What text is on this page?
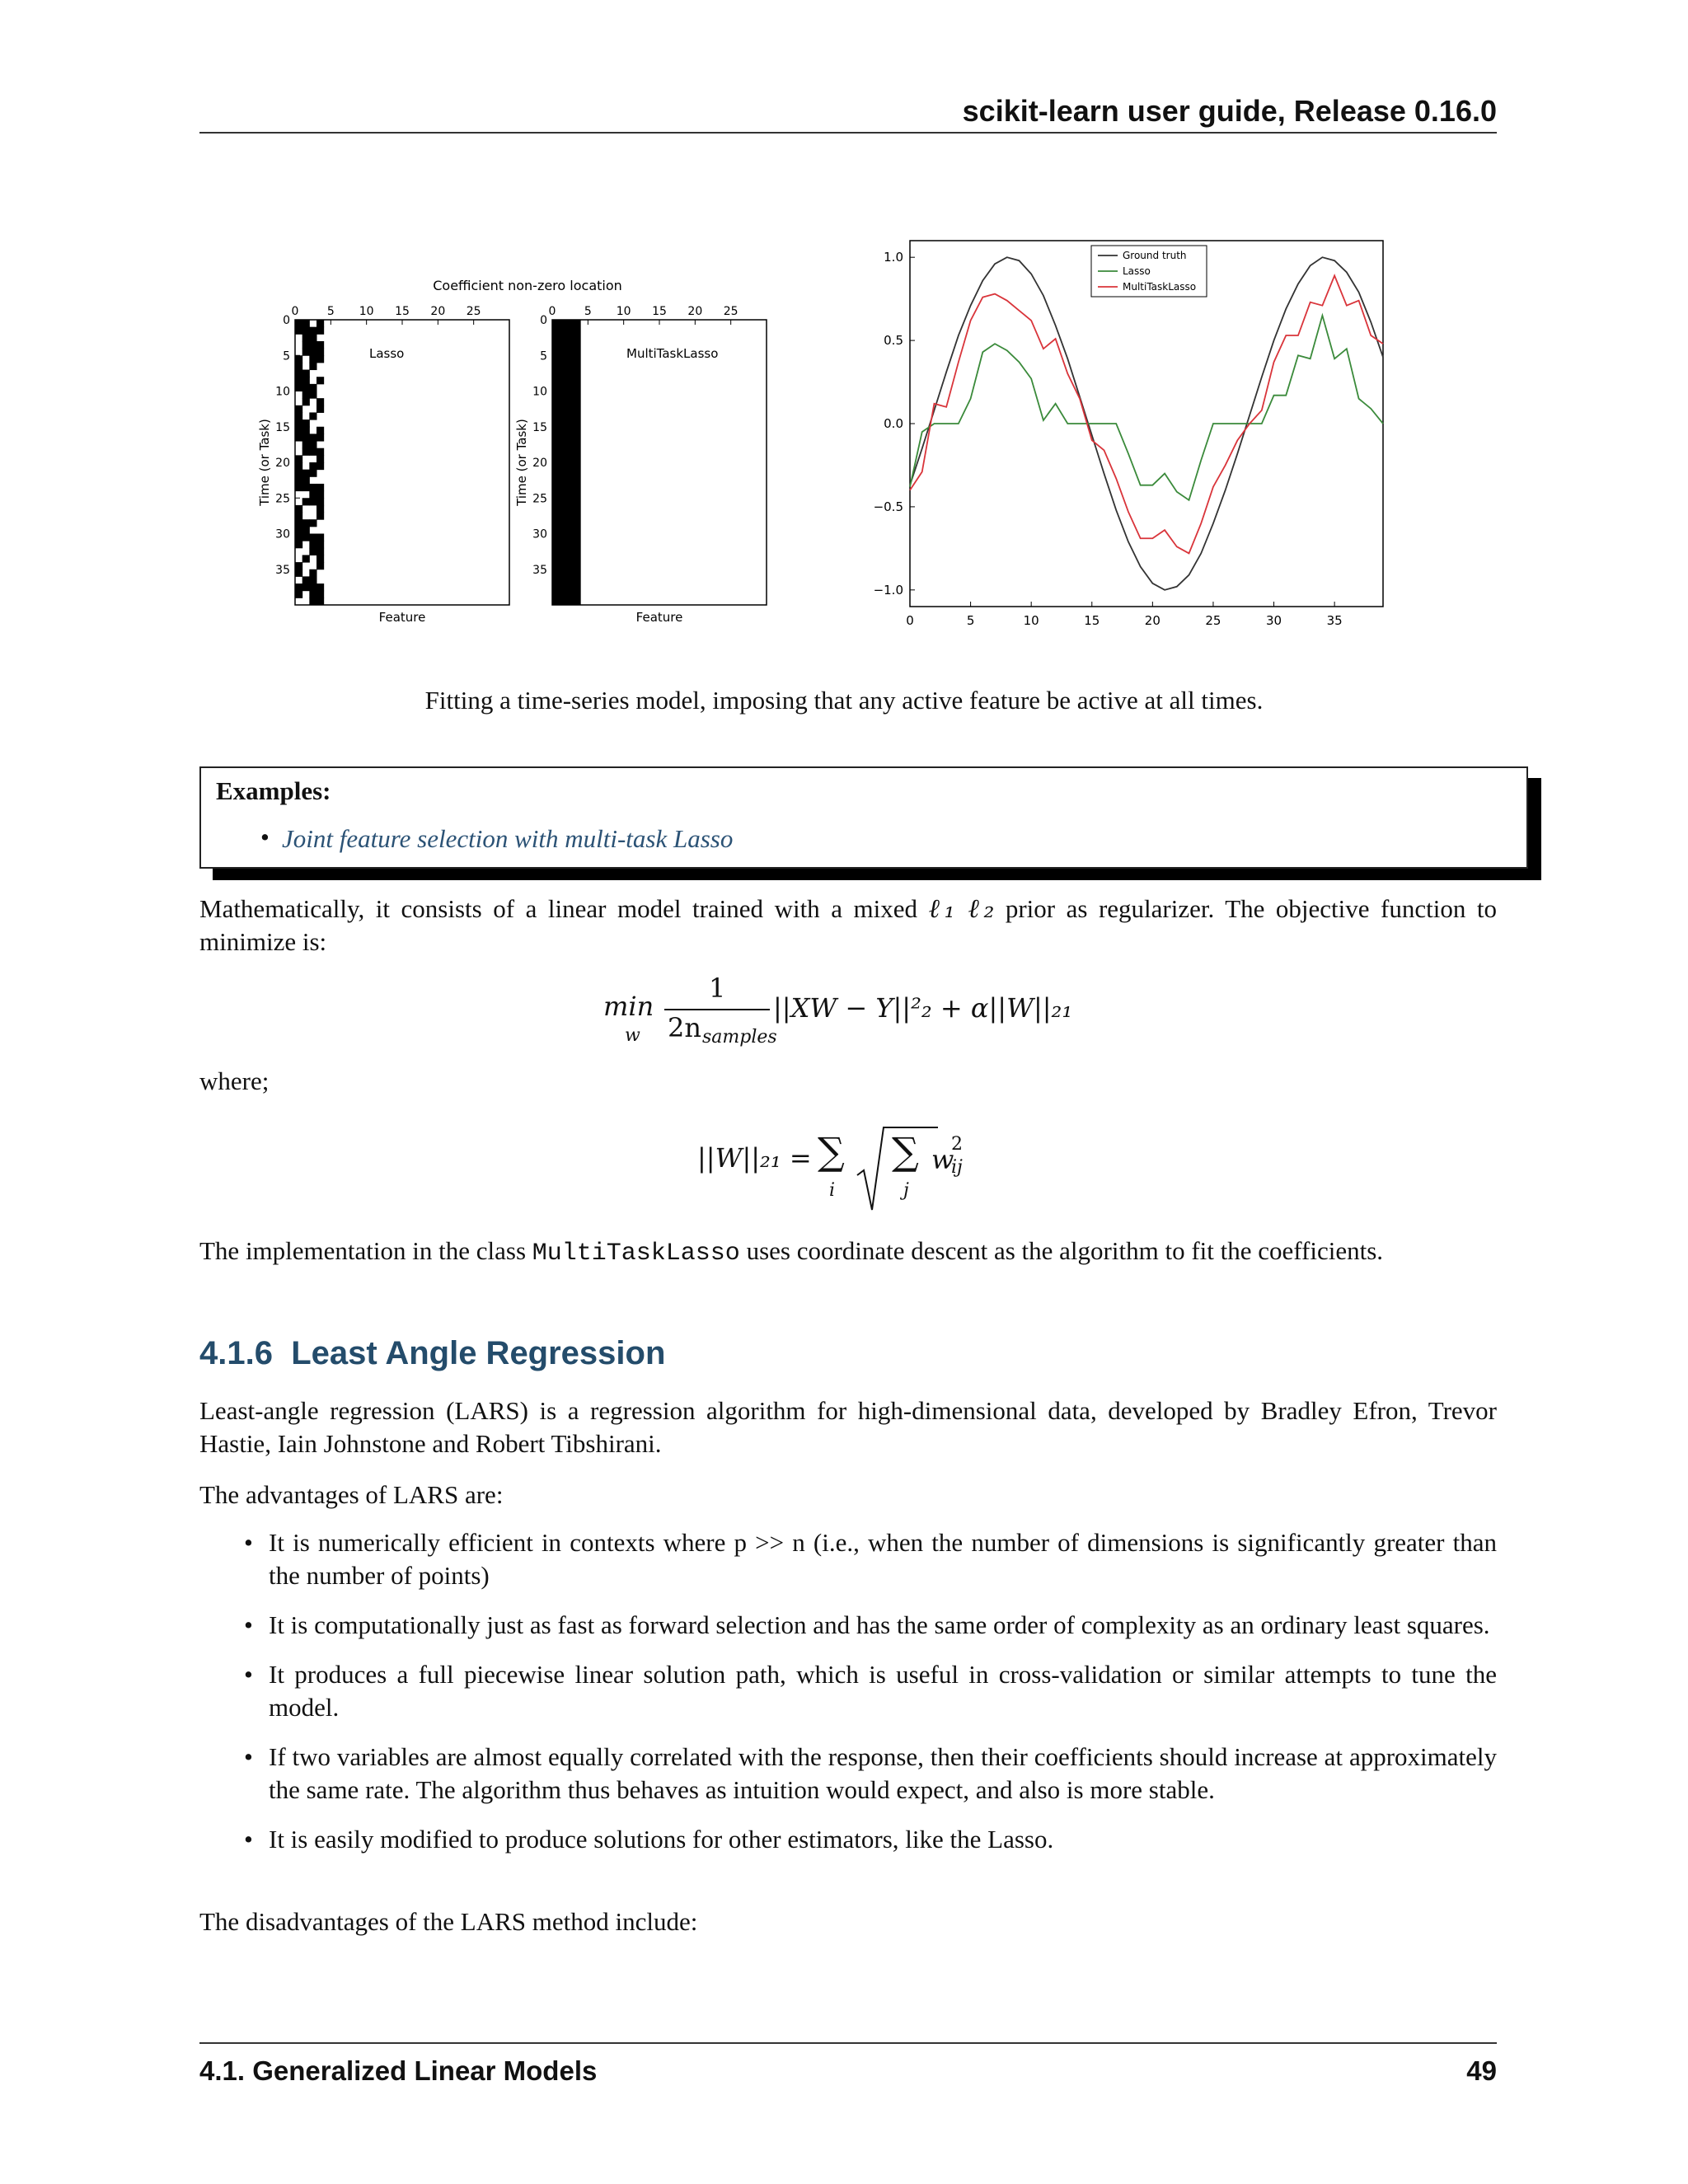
scikit-learn user guide, Release 0.16.0
Coefficient non-zero location
Lasso
Feature
Time (or Task)
0 5 10 15 20 25
0
5
10
15
20
25
30
35
MultiTaskLasso
Feature
Time (or Task)
0 5 10 15 20 25
0
5
10
15
20
25
30
35
0	5	10	15	20	25	30	35
−1.0
−0.5
0.0
0.5
1.0	Ground truth
Lasso
MultiTaskLasso
Fitting a time-series model, imposing that any active feature be active at all times.
Examples:
• Joint feature selection with multi-task Lasso
Mathematically, it consists of a linear model trained with a mixed ℓ₁ ℓ₂ prior as regularizer. The objective function to minimize is:
min
w
1
2n samples
||XW − Y||²₂ + α||W||₂₁
where;
||W||₂₁ = ∑
i
∑
j
w
2
ij
The implementation in the class MultiTaskLasso uses coordinate descent as the algorithm to fit the coefficients.
4.1.6 Least Angle Regression
Least-angle regression (LARS) is a regression algorithm for high-dimensional data, developed by Bradley Efron, Trevor Hastie, Iain Johnstone and Robert Tibshirani.
The advantages of LARS are:
• It is numerically efficient in contexts where p >> n (i.e., when the number of dimensions is significantly greater than the number of points)
• It is computationally just as fast as forward selection and has the same order of complexity as an ordinary least squares.
• It produces a full piecewise linear solution path, which is useful in cross-validation or similar attempts to tune the model.
• If two variables are almost equally correlated with the response, then their coefficients should increase at approximately the same rate. The algorithm thus behaves as intuition would expect, and also is more stable.
• It is easily modified to produce solutions for other estimators, like the Lasso.
The disadvantages of the LARS method include:
4.1. Generalized Linear Models	49
